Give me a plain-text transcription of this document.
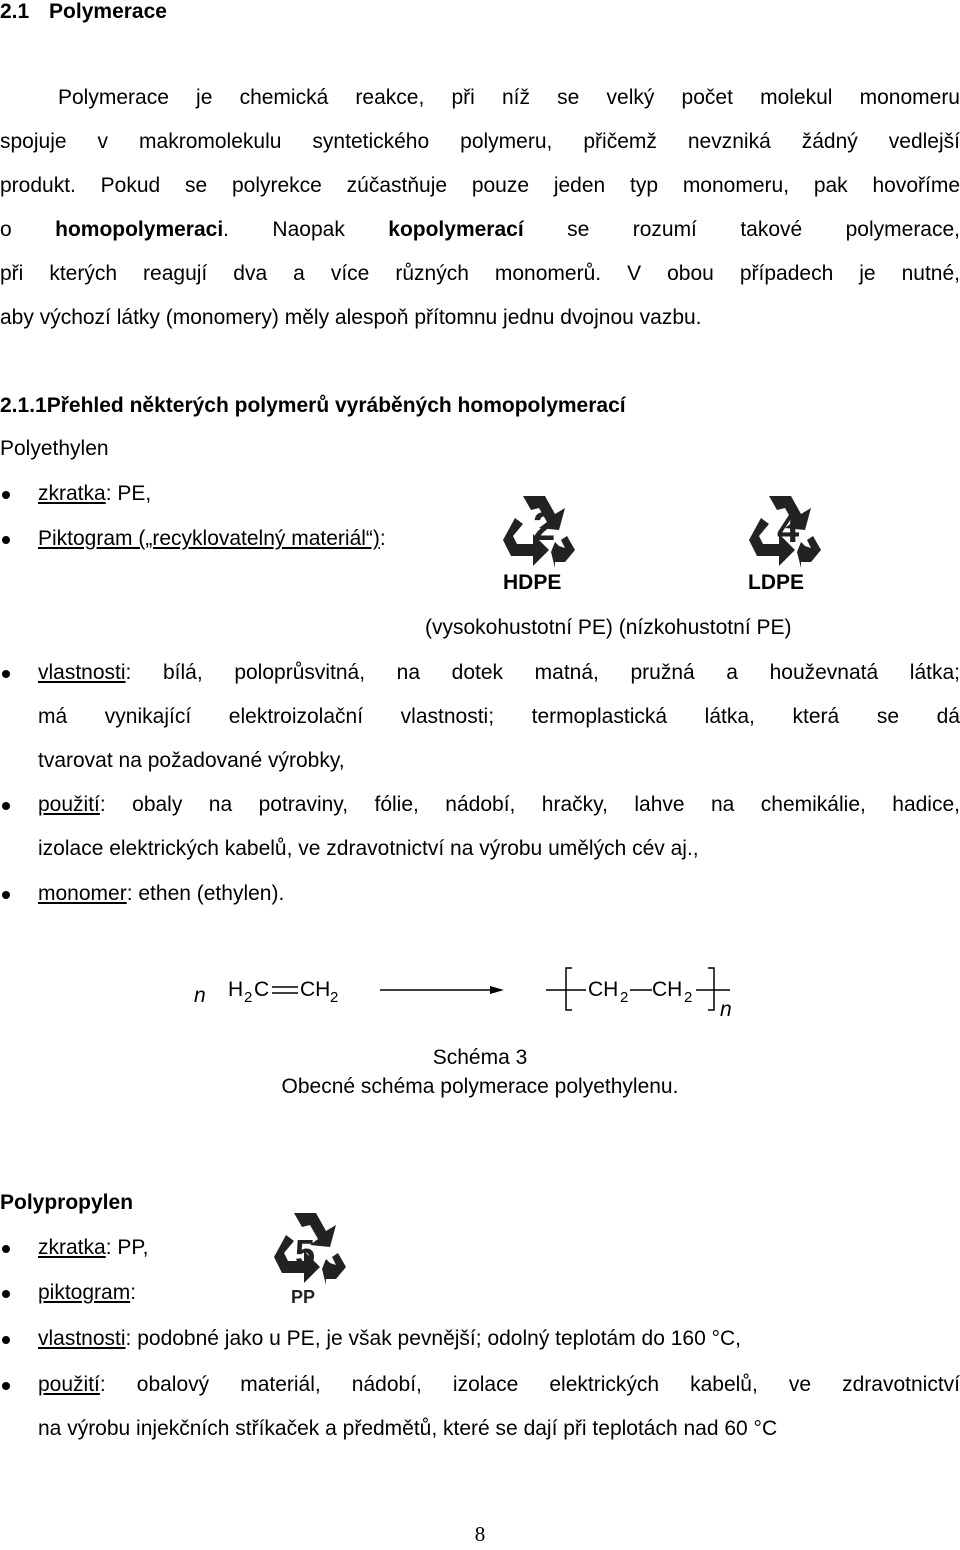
2.1 Polymerace
Polymerace je chemická reakce, při níž se velký počet molekul monomeru
spojuje v makromolekulu syntetického polymeru, přičemž nevzniká žádný vedlejší
produkt. Pokud se polyrekce zúčastňuje pouze jeden typ monomeru, pak hovoříme
o homopolymeraci. Naopak kopolymerací se rozumí takové polymerace,
při kterých reagují dva a více různých monomerů. V obou případech je nutné,
aby výchozí látky (monomery) měly alespoň přítomnu jednu dvojnou vazbu.
2.1.1Přehled některých polymerů vyráběných homopolymerací
Polyethylen
zkratka: PE,
Piktogram („recyklovatelný materiál“):	2
HDPE
4
LDPE
(vysokohustotní PE) (nízkohustotní PE)
vlastnosti: bílá, poloprůsvitná, na dotek matná, pružná a houževnatá látka;
má vynikající elektroizolační vlastnosti; termoplastická látka, která se dá
tvarovat na požadované výrobky,
použití: obaly na potraviny, fólie, nádobí, hračky, lahve na chemikálie, hadice,
izolace elektrických kabelů, ve zdravotnictví na výrobu umělých cév aj.,
monomer: ethen (ethylen).
n H 2 C CH 2	CH 2 CH 2
n
Schéma 3
Obecné schéma polymerace polyethylenu.
Polypropylen
zkratka: PP,
piktogram:
5
PP
vlastnosti: podobné jako u PE, je však pevnější; odolný teplotám do 160 °C,
použití: obalový materiál, nádobí, izolace elektrických kabelů, ve zdravotnictví
na výrobu injekčních stříkaček a předmětů, které se dají při teplotách nad 60 °C
8
